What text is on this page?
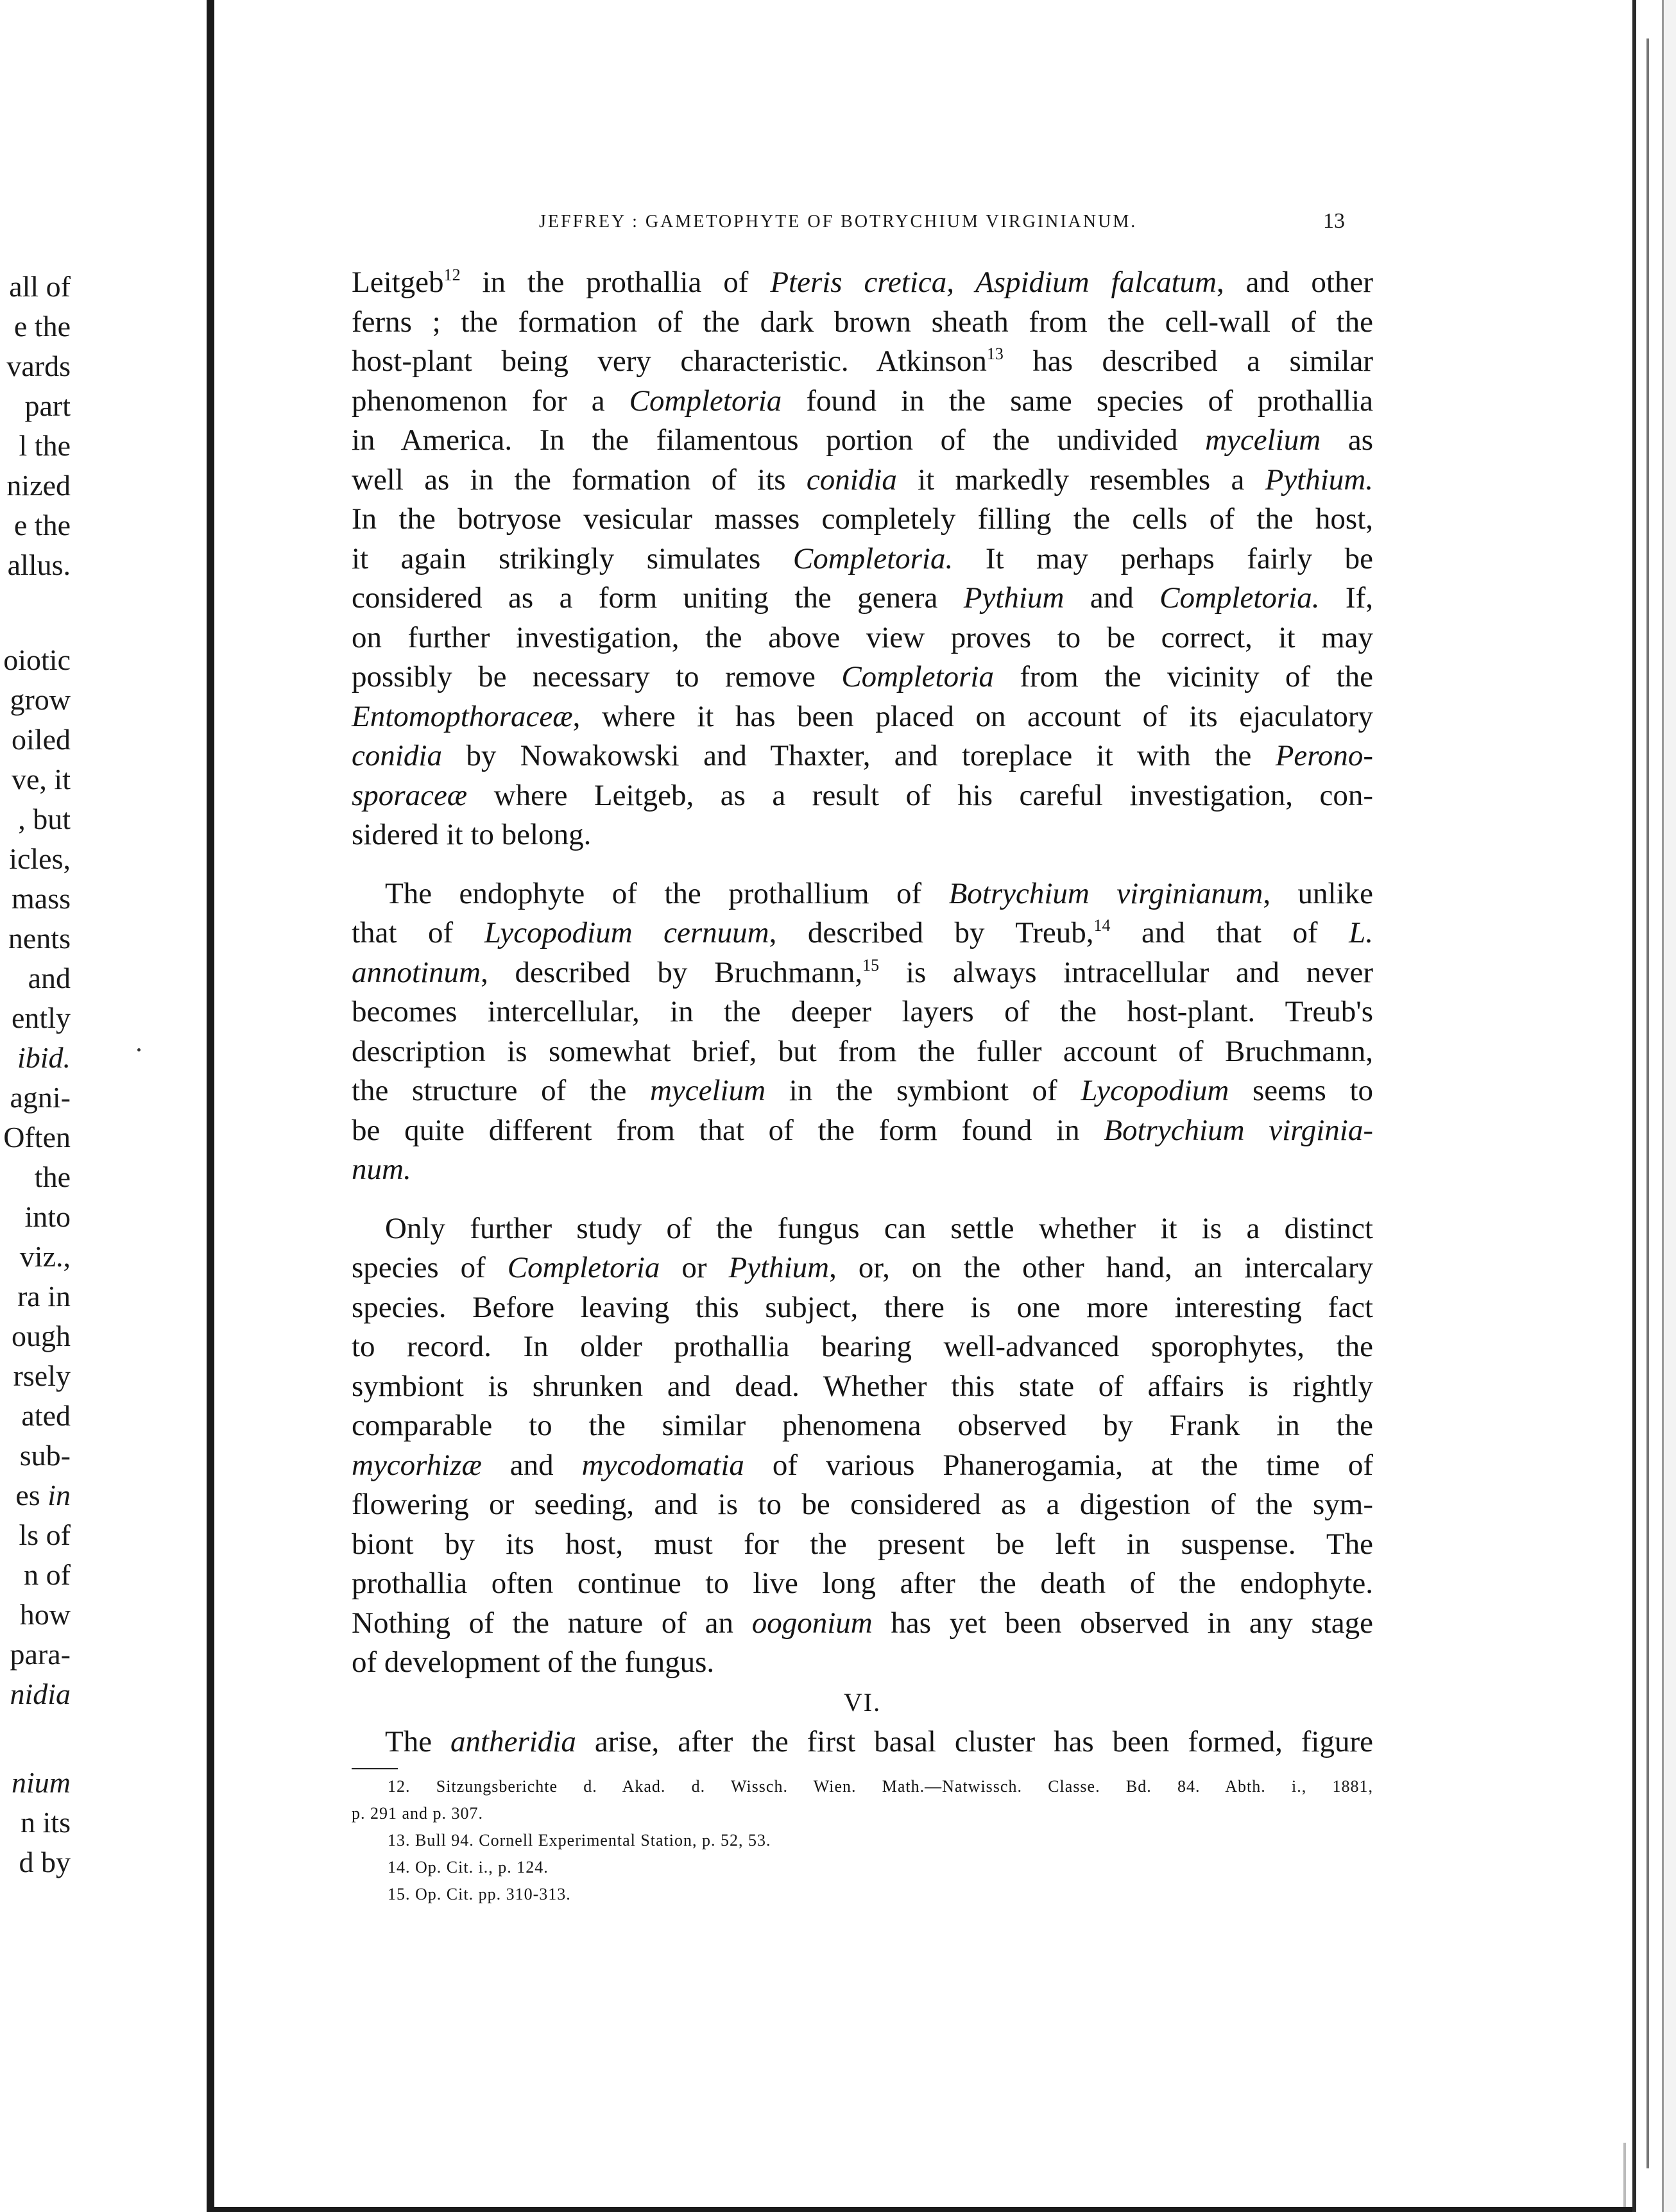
all of
e the
vards
part
l the
nized
e the
allus.
oiotic
grow
oiled
ve, it
, but
icles,
mass
nents
and
ently
ibid.
agni-
Often
the
into
viz.,
ra in
ough
rsely
ated
sub-
es in
ls of
n of
how
para-
nidia
nium
n its
d by
JEFFREY : GAMETOPHYTE OF BOTRYCHIUM VIRGINIANUM.	13
Leitgeb$^{12}$ in the prothallia of Pteris cretica, Aspidium falcatum, and other
ferns ; the formation of the dark brown sheath from the cell-wall of the
host-plant being very characteristic. Atkinson$^{13}$ has described a similar
phenomenon for a Completoria found in the same species of prothallia
in America. In the filamentous portion of the undivided mycelium as
well as in the formation of its conidia it markedly resembles a Pythium.
In the botryose vesicular masses completely filling the cells of the host,
it again strikingly simulates Completoria. It may perhaps fairly be
considered as a form uniting the genera Pythium and Completoria. If,
on further investigation, the above view proves to be correct, it may
possibly be necessary to remove Completoria from the vicinity of the
Entomopthoraceæ, where it has been placed on account of its ejaculatory
conidia by Nowakowski and Thaxter, and toreplace it with the Perono-
sporaceæ where Leitgeb, as a result of his careful investigation, con-
sidered it to belong.
The endophyte of the prothallium of Botrychium virginianum, unlike
that of Lycopodium cernuum, described by Treub,$^{14}$ and that of L.
annotinum, described by Bruchmann,$^{15}$ is always intracellular and never
becomes intercellular, in the deeper layers of the host-plant. Treub's
description is somewhat brief, but from the fuller account of Bruchmann,
the structure of the mycelium in the symbiont of Lycopodium seems to
be quite different from that of the form found in Botrychium virginia-
num.
Only further study of the fungus can settle whether it is a distinct
species of Completoria or Pythium, or, on the other hand, an intercalary
species. Before leaving this subject, there is one more interesting fact
to record. In older prothallia bearing well-advanced sporophytes, the
symbiont is shrunken and dead. Whether this state of affairs is rightly
comparable to the similar phenomena observed by Frank in the
mycorhizæ and mycodomatia of various Phanerogamia, at the time of
flowering or seeding, and is to be considered as a digestion of the sym-
biont by its host, must for the present be left in suspense. The
prothallia often continue to live long after the death of the endophyte.
Nothing of the nature of an oogonium has yet been observed in any stage
of development of the fungus.
VI.
The antheridia arise, after the first basal cluster has been formed, figure
12. Sitzungsberichte d. Akad. d. Wissch. Wien. Math.—Natwissch. Classe. Bd. 84. Abth. i., 1881,
p. 291 and p. 307.
13. Bull 94. Cornell Experimental Station, p. 52, 53.
14. Op. Cit. i., p. 124.
15. Op. Cit. pp. 310-313.
